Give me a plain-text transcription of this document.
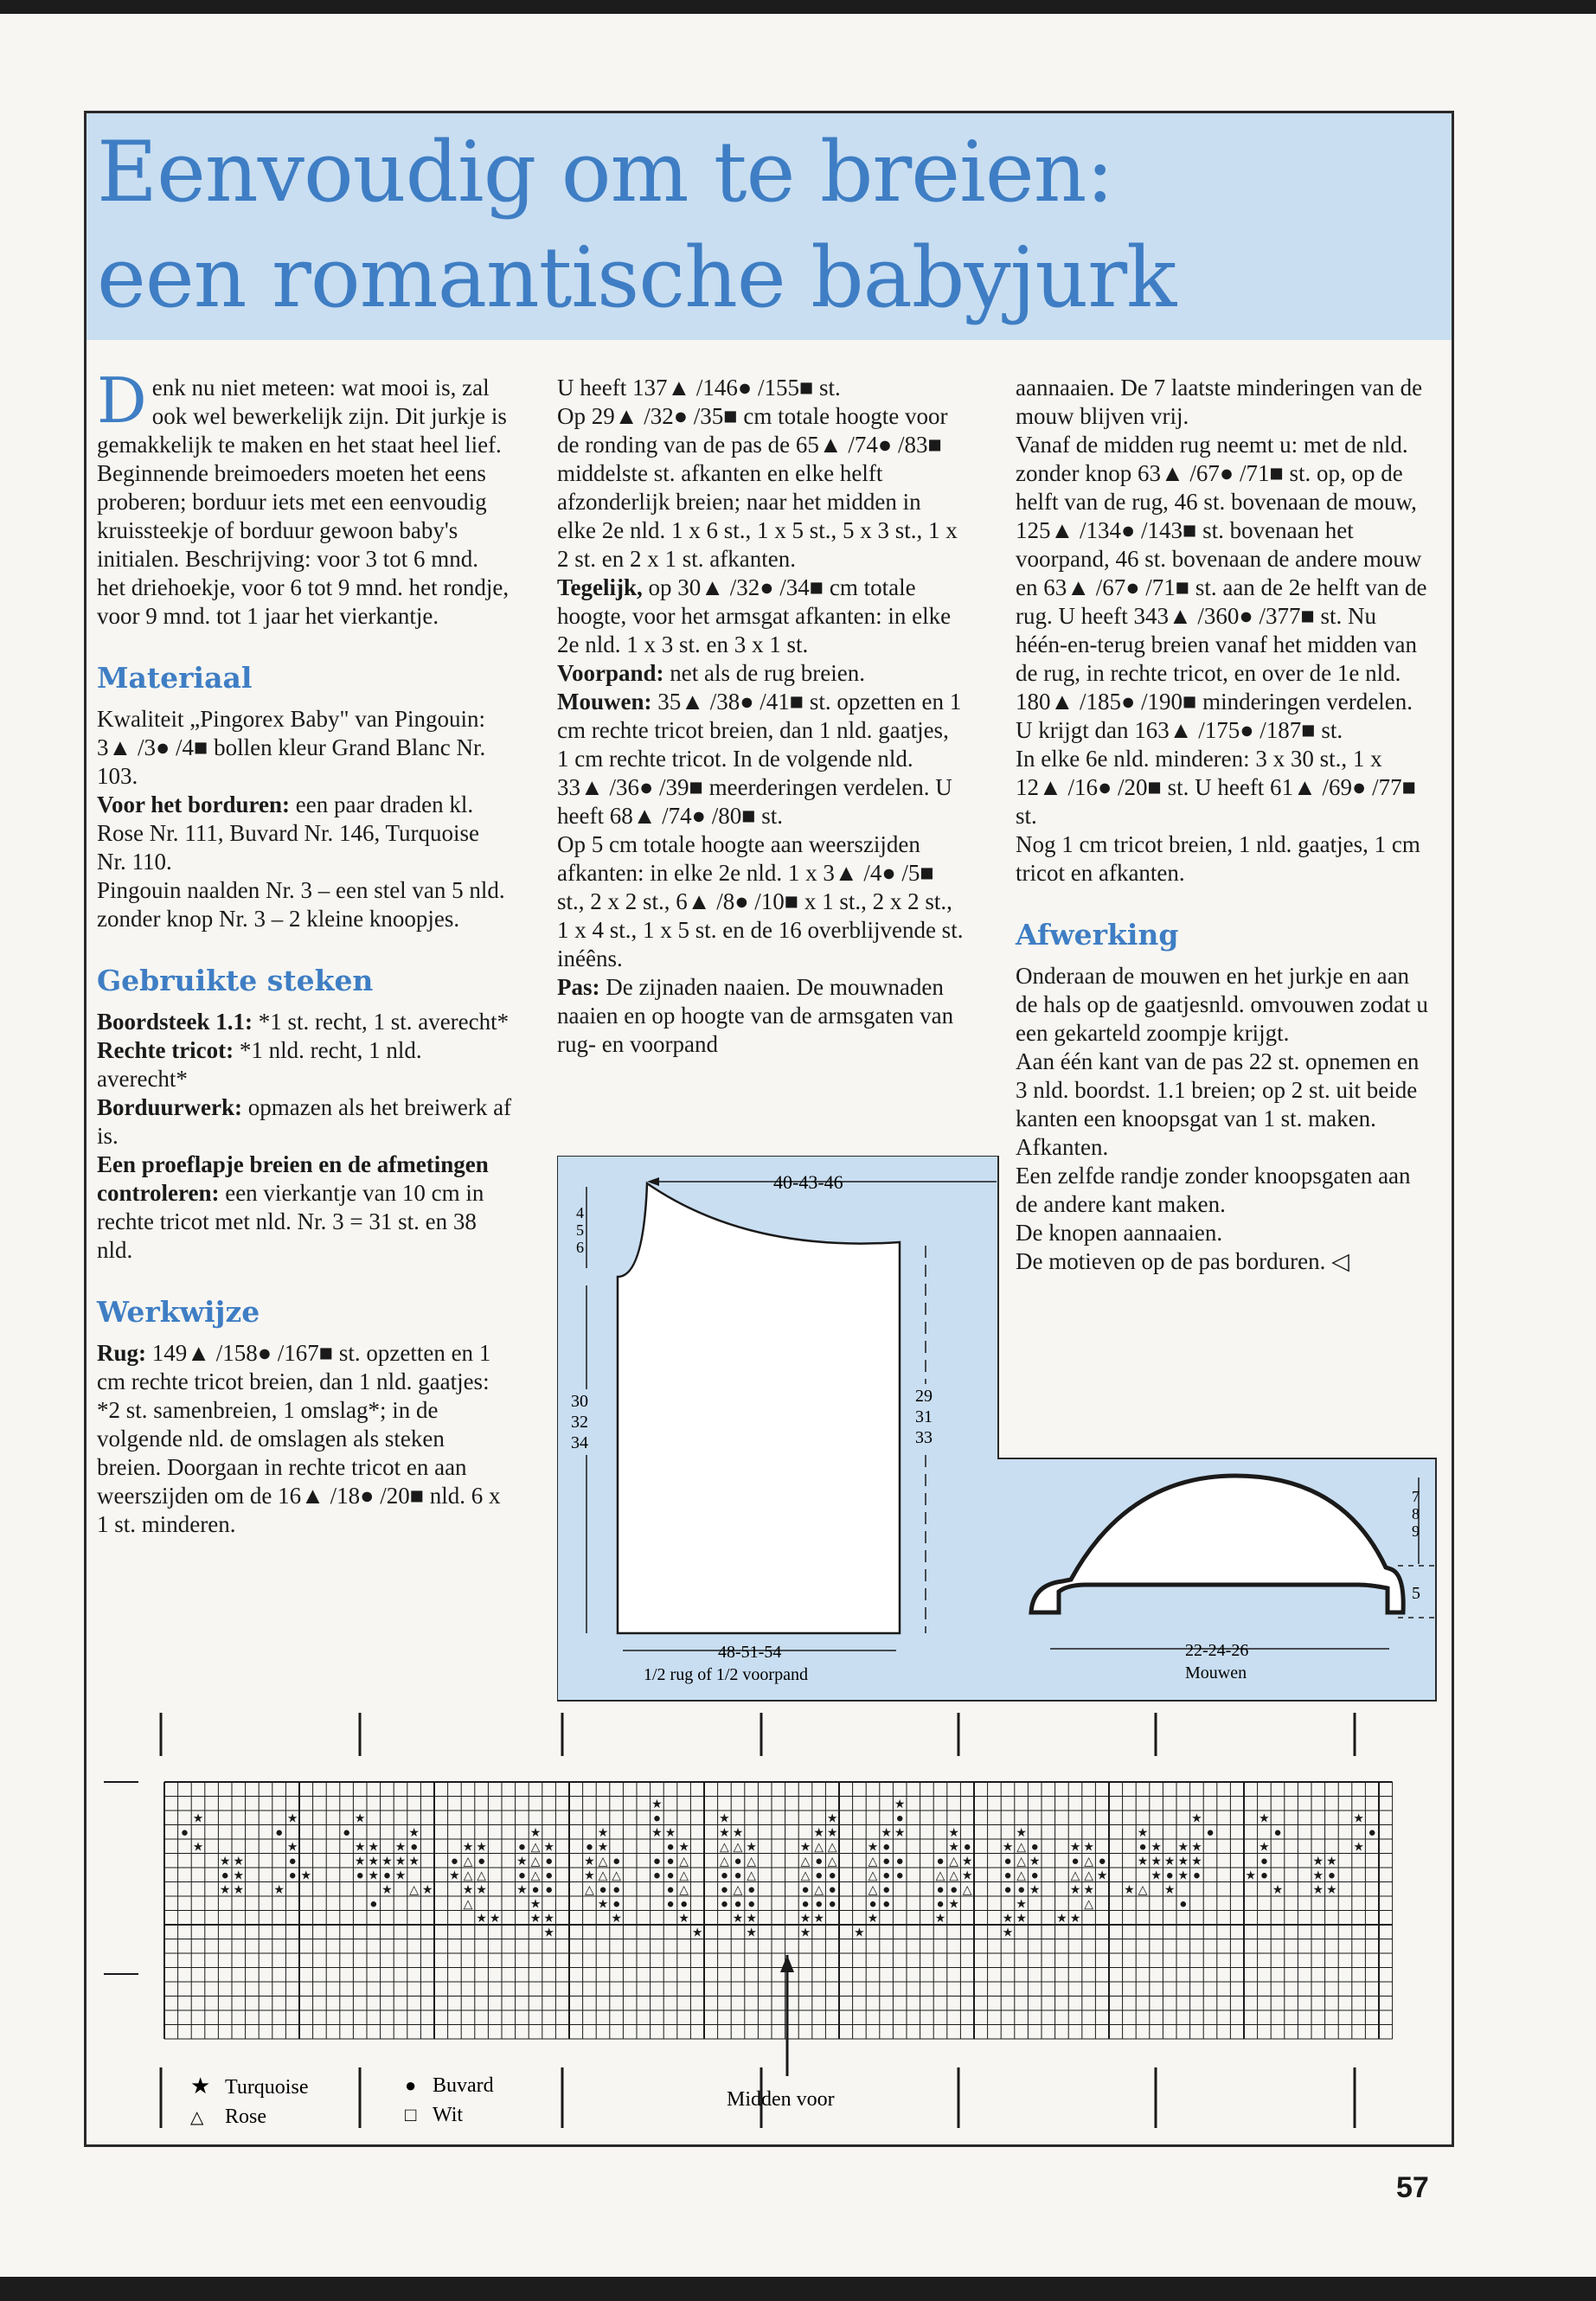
Eenvoudig om te breien:
een romantische babyjurk

Denk nu niet meteen: wat mooi is, zal ook wel bewerkelijk zijn. Dit jurkje is gemakkelijk te maken en het staat heel lief. Beginnende breimoeders moeten het eens proberen; borduur iets met een eenvoudig kruissteekje of borduur gewoon baby's initialen. Beschrijving: voor 3 tot 6 mnd. het driehoekje, voor 6 tot 9 mnd. het rondje, voor 9 mnd. tot 1 jaar het vierkantje.

Materiaal

Kwaliteit „Pingorex Baby" van Pingouin: 3▲ /3● /4■ bollen kleur Grand Blanc Nr. 103.

Voor het borduren: een paar draden kl. Rose Nr. 111, Buvard Nr. 146, Turquoise Nr. 110.

Pingouin naalden Nr. 3 – een stel van 5 nld. zonder knop Nr. 3 – 2 kleine knoopjes.

Gebruikte steken

Boordsteek 1.1: *1 st. recht, 1 st. averecht*

Rechte tricot: *1 nld. recht, 1 nld. averecht*

Borduurwerk: opmazen als het breiwerk af is.

Een proeflapje breien en de afmetingen controleren: een vierkantje van 10 cm in rechte tricot met nld. Nr. 3 = 31 st. en 38 nld.

Werkwijze

Rug: 149▲ /158● /167■ st. opzetten en 1 cm rechte tricot breien, dan 1 nld. gaatjes: *2 st. samenbreien, 1 omslag*; in de volgende nld. de omslagen als steken breien. Doorgaan in rechte tricot en aan weerszijden om de 16▲ /18● /20■ nld. 6 x 1 st. minderen.

U heeft 137▲ /146● /155■ st.

Op 29▲ /32● /35■ cm totale hoogte voor de ronding van de pas de 65▲ /74● /83■ middelste st. afkanten en elke helft afzonderlijk breien; naar het midden in elke 2e nld. 1 x 6 st., 1 x 5 st., 5 x 3 st., 1 x 2 st. en 2 x 1 st. afkanten.

Tegelijk, op 30▲ /32● /34■ cm totale hoogte, voor het armsgat afkanten: in elke 2e nld. 1 x 3 st. en 3 x 1 st.

Voorpand: net als de rug breien.

Mouwen: 35▲ /38● /41■ st. opzetten en 1 cm rechte tricot breien, dan 1 nld. gaatjes, 1 cm rechte tricot. In de volgende nld. 33▲ /36● /39■ meerderingen verdelen. U heeft 68▲ /74● /80■ st.

Op 5 cm totale hoogte aan weerszijden afkanten: in elke 2e nld. 1 x 3▲ /4● /5■ st., 2 x 2 st., 6▲ /8● /10■ x 1 st., 2 x 2 st., 1 x 4 st., 1 x 5 st. en de 16 overblijvende st. inéêns.

Pas: De zijnaden naaien. De mouwnaden naaien en op hoogte van de armsgaten van rug- en voorpand

aannaaien. De 7 laatste minderingen van de mouw blijven vrij.

Vanaf de midden rug neemt u: met de nld. zonder knop 63▲ /67● /71■ st. op, op de helft van de rug, 46 st. bovenaan de mouw, 125▲ /134● /143■ st. bovenaan het voorpand, 46 st. bovenaan de andere mouw en 63▲ /67● /71■ st. aan de 2e helft van de rug. U heeft 343▲ /360● /377■ st. Nu héén-en-terug breien vanaf het midden van de rug, in rechte tricot, en over de 1e nld. 180▲ /185● /190■ minderingen verdelen. U krijgt dan 163▲ /175● /187■ st.

In elke 6e nld. minderen: 3 x 30 st., 1 x 12▲ /16● /20■ st. U heeft 61▲ /69● /77■ st.

Nog 1 cm tricot breien, 1 nld. gaatjes, 1 cm tricot en afkanten.

Afwerking

Onderaan de mouwen en het jurkje en aan de hals op de gaatjesnld. omvouwen zodat u een gekarteld zoompje krijgt.

Aan één kant van de pas 22 st. opnemen en 3 nld. boordst. 1.1 breien; op 2 st. uit beide kanten een knoopsgat van 1 st. maken. Afkanten.

Een zelfde randje zonder knoopsgaten aan de andere kant maken.

De knopen aannaaien.

De motieven op de pas borduren. ◁

40-43-46
4
5
6
30
32
34
29
31
33
48-51-54
1/2 rug of 1/2 voorpand
7
8
9
5
22-24-26
Mouwen
★	★
●	●
★	★
★	★
★	★
●	●
★	★
★	★
★	★
★	★
●	●
★	★
●	●
★	★
●	●
★	★
★	★
●	●
★	★
★	★
★	★
★	★
●	●
★	★
★	★
●	●
★	★
★	★
●	●
★	★
★	★
★	★
●	●
★	★
△	△
★	★
★	★
★	★
●	●
△	△
●	●
★	★
△	△
△	△
★	★
★	★
△	△
★	★
★	★
★	★
●	●
△	△
★	★
★	★
△	△
●	●
●	●
△	△
●	●
★	★
●	●
●	●
★	★
★	★
★	★
★	★
★	★
●	●
★	★
★	★
△	△
●	●
★	★
△	△
△	△
△	△
●	●
●	●
★	★
●	●
★	★
★	★
●	●
★	★
★	★
●	●
★	★
●	●
●	●
△	△
●	●
●	●
△	△
●	●
△	△
●	●
●	●
★	★
★	★
★	★
★	★
★	★
△	△
△	△
★	★
△	△
●	●
△	△
●	●
●	●
△	△
●	●
△	△
●	●
●	●
●	●
●	●
★	★
★	★
★	★
★ Turquoise
△ Rose
● Buvard
□ Wit
Midden voor
57
